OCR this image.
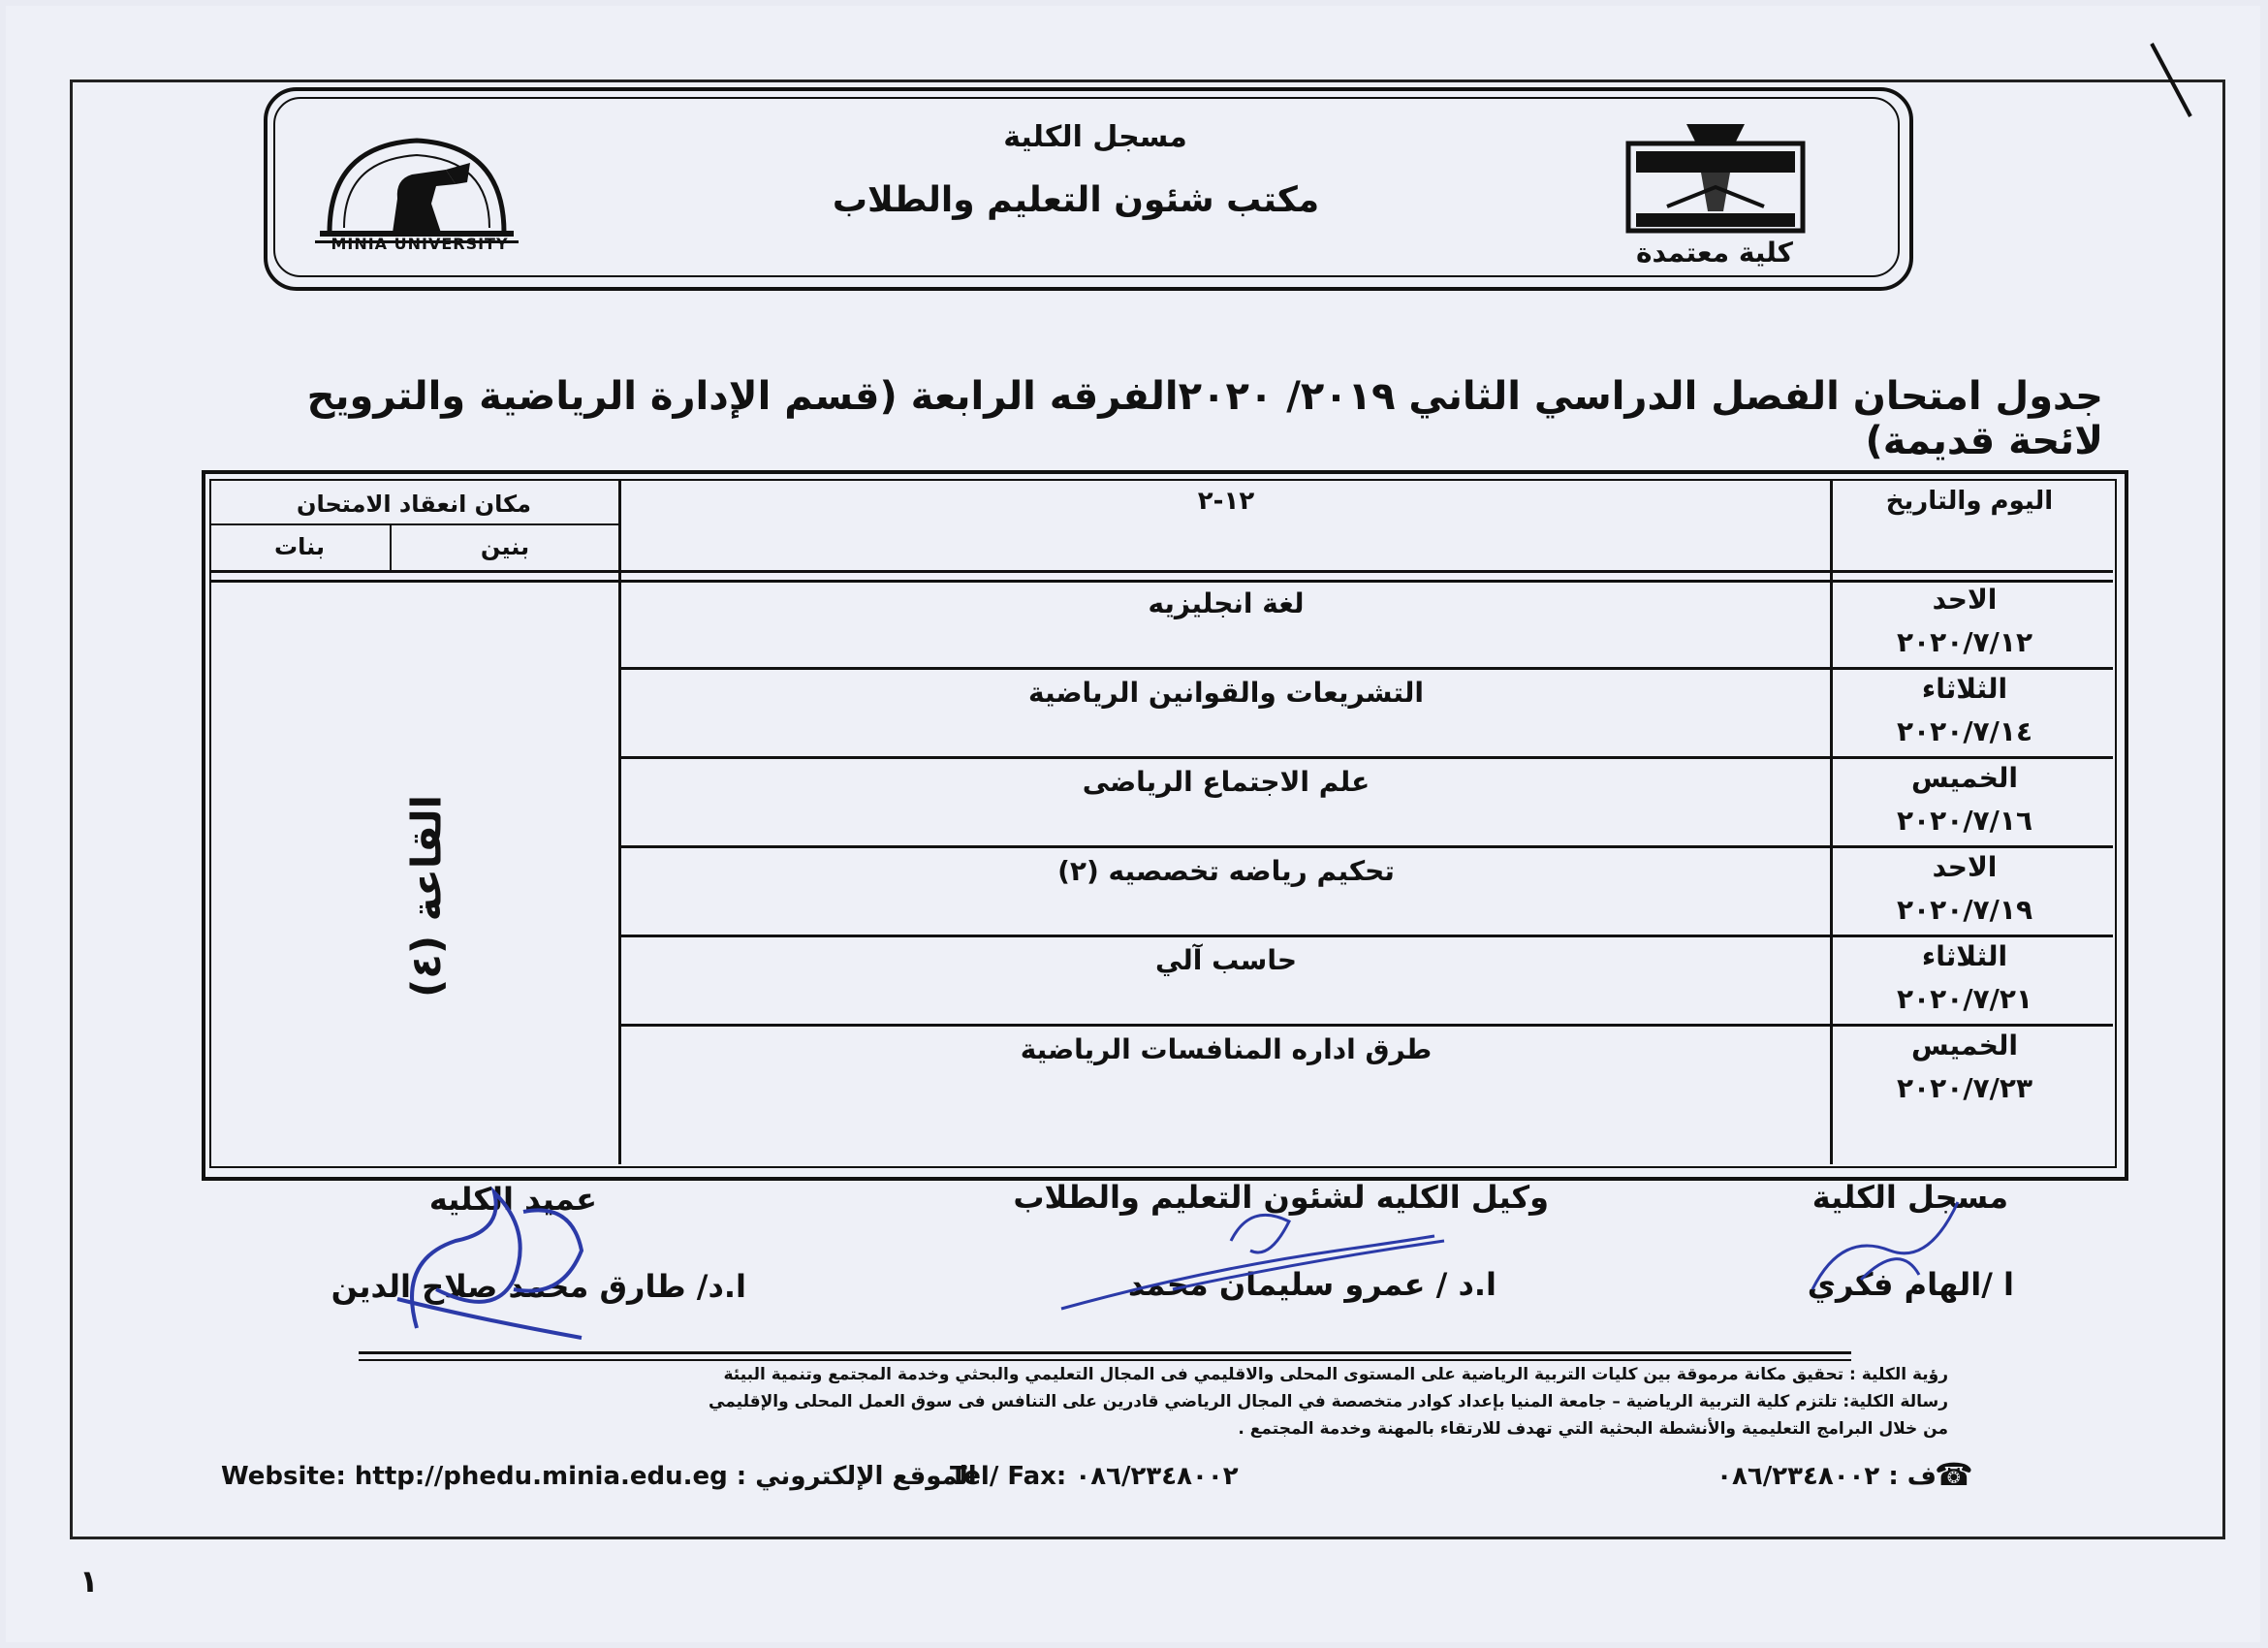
مسجل الكلية
مكتب شئون التعليم والطلاب
MINIA UNIVERSITY	كلية معتمدة
جدول امتحان الفصل الدراسي الثاني ٢٠١٩/ ٢٠٢٠الفرقه الرابعة (قسم الإدارة الرياضية والترويح لائحة قديمة)
اليوم والتاريخ
١٢-٢
مكان انعقاد الامتحان
بنين
بنات
الاحد
٢٠٢٠/٧/١٢
لغة انجليزيه
الثلاثاء
٢٠٢٠/٧/١٤
التشريعات والقوانين الرياضية
الخميس
٢٠٢٠/٧/١٦
علم الاجتماع الرياضى
الاحد
٢٠٢٠/٧/١٩
تحكيم رياضه تخصصيه (٢)
الثلاثاء
٢٠٢٠/٧/٢١
حاسب آلي
الخميس
٢٠٢٠/٧/٢٣
طرق اداره المنافسات الرياضية
القاعة (٤)
مسجل الكلية
ا /الهام فكري
وكيل الكليه لشئون التعليم والطلاب
ا.د / عمرو سليمان محمد
عميد الكليه
ا.د/ طارق محمد صلاح الدين
رؤية الكلية : تحقيق مكانة مرموقة بين كليات التربية الرياضية على المستوى المحلى والاقليمي فى المجال التعليمي والبحثي وخدمة المجتمع وتنمية البيئة
رسالة الكلية: تلتزم كلية التربية الرياضية – جامعة المنيا بإعداد كوادر متخصصة في المجال الرياضي قادرين على التنافس فى سوق العمل المحلى والإقليمي
من خلال البرامج التعليمية والأنشطة البحثية التي تهدف للارتقاء بالمهنة وخدمة المجتمع .
Website: http://phedu.minia.edu.eg : الموقع الإلكتروني
Tel/ Fax: ٠٨٦/٢٣٤٨٠٠٢	ف : ٠٨٦/٢٣٤٨٠٠٢
☎
١
